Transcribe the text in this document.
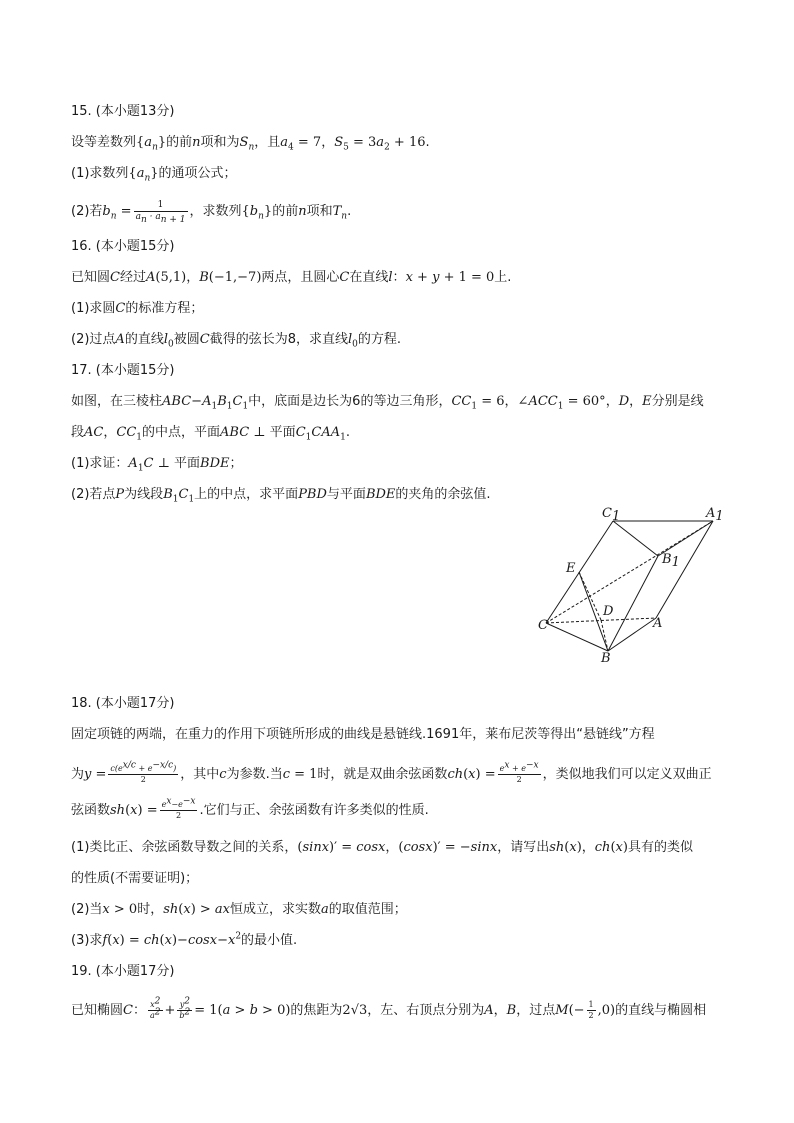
15. (本小题13分)
设等差数列$\{a_n\}$的前n项和为$S_n$，且$a_4 = 7$，$S_5 = 3a_2 + 16$.
(1)求数列$\{a_n\}$的通项公式；
(2)若$b_n = \frac{1}{a_n \cdot a_{n + 1}}$ ，求数列$\{b_n\}$的前n项和$T_n$.
16. (本小题15分)
已知圆C经过A(5,1)，B(−1,−7)两点，且圆心C在直线l：x + y + 1 = 0上.
(1)求圆C的标准方程；
(2)过点A的直线$l_0$被圆C截得的弦长为8，求直线$l_0$的方程.
17. (本小题15分)
如图，在三棱柱$ABC-A_1B_1C_1$中，底面是边长为6的等边三角形，$CC_1 = 6$，$\angle ACC_1 = 60^\circ$，D，E分别是线
段AC，$CC_1$的中点，平面ABC ⊥ 平面$C_1CAA_1$.
(1)求证：$A_1C$ ⊥ 平面BDE；
(2)若点P为线段$B_1C_1$上的中点，求平面PBD与平面BDE的夹角的余弦值.
C1	A1
B1
E
D
C	A
B
18. (本小题17分)
固定项链的两端，在重力的作用下项链所形成的曲线是悬链线.1691年，莱布尼茨等得出“悬链线”方程
为$y = \frac{c(e^{x/c} + e^{-x/c})}{2}$ ，其中c为参数.当c = 1时，就是双曲余弦函数$ch(x) = \frac{e^x + e^{-x}}{2}$ ，类似地我们可以定义双曲正
弦函数$sh(x) = \frac{e^x-e^{-x}}{2}$ .它们与正、余弦函数有许多类似的性质.
(1)类比正、余弦函数导数之间的关系，(sinx)′ = cosx，(cosx)′ = −sinx，请写出sh(x)，ch(x)具有的类似
的性质(不需要证明)；
(2)当x > 0时，sh(x) > ax恒成立，求实数a的取值范围；
(3)求$f(x) = ch(x)-\cos x-x^2$的最小值.
19. (本小题17分)
已知椭圆C： $\frac{x^2}{a^2} + \frac{y^2}{b^2} = 1(a > b > 0)$的焦距为2√3，左、右顶点分别为A，B，过点$M(- \frac{1}{2} ,0)$的直线与椭圆相
